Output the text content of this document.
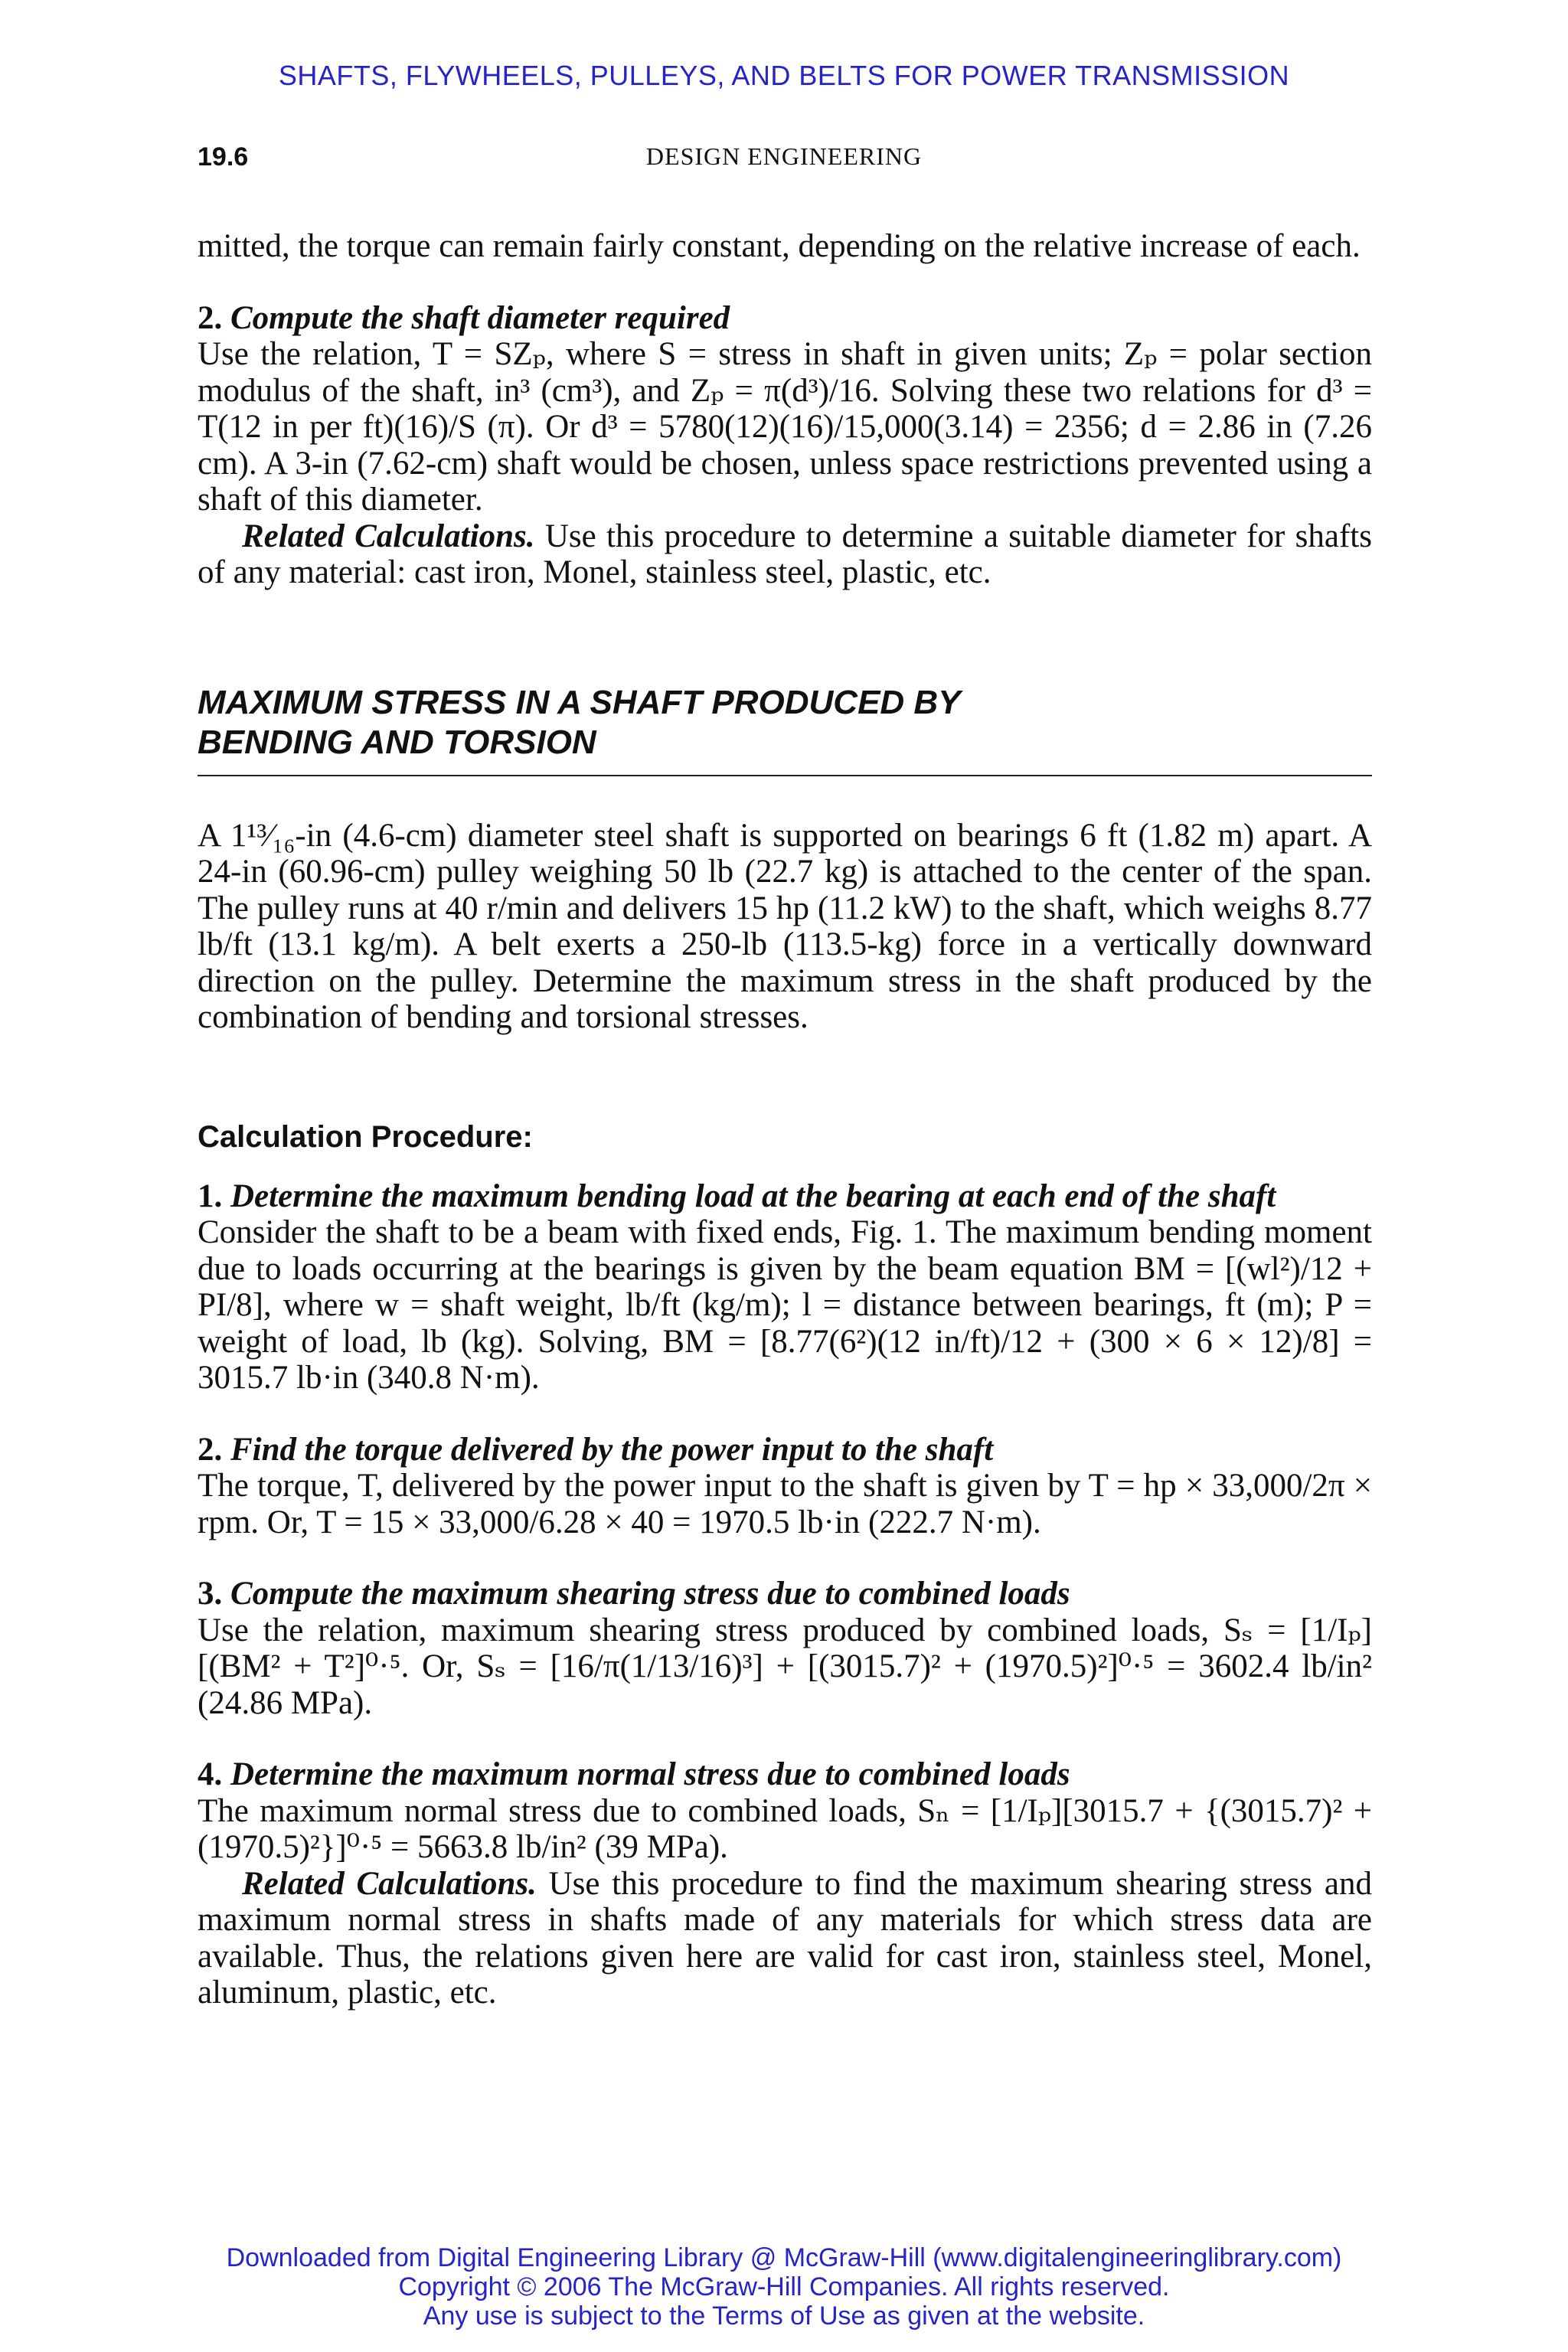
SHAFTS, FLYWHEELS, PULLEYS, AND BELTS FOR POWER TRANSMISSION
DESIGN ENGINEERING
19.6

mitted, the torque can remain fairly constant, depending on the relative increase of each.

2. Compute the shaft diameter required

Use the relation, T = SZₚ, where S = stress in shaft in given units; Zₚ = polar section modulus of the shaft, in³ (cm³), and Zₚ = π(d³)/16. Solving these two relations for d³ = T(12 in per ft)(16)/S (π). Or d³ = 5780(12)(16)/15,000(3.14) = 2356; d = 2.86 in (7.26 cm). A 3-in (7.62-cm) shaft would be chosen, unless space restrictions prevented using a shaft of this diameter.

Related Calculations. Use this procedure to determine a suitable diameter for shafts of any material: cast iron, Monel, stainless steel, plastic, etc.

MAXIMUM STRESS IN A SHAFT PRODUCED BY
BENDING AND TORSION

A 1¹³⁄₁₆-in (4.6-cm) diameter steel shaft is supported on bearings 6 ft (1.82 m) apart. A 24-in (60.96-cm) pulley weighing 50 lb (22.7 kg) is attached to the center of the span. The pulley runs at 40 r/min and delivers 15 hp (11.2 kW) to the shaft, which weighs 8.77 lb/ft (13.1 kg/m). A belt exerts a 250-lb (113.5-kg) force in a vertically downward direction on the pulley. Determine the maximum stress in the shaft produced by the combination of bending and torsional stresses.

Calculation Procedure:

1. Determine the maximum bending load at the bearing at each end of the shaft

Consider the shaft to be a beam with fixed ends, Fig. 1. The maximum bending moment due to loads occurring at the bearings is given by the beam equation BM = [(wl²)/12 + PI/8], where w = shaft weight, lb/ft (kg/m); l = distance between bearings, ft (m); P = weight of load, lb (kg). Solving, BM = [8.77(6²)(12 in/ft)/12 + (300 × 6 × 12)/8] = 3015.7 lb·in (340.8 N·m).

2. Find the torque delivered by the power input to the shaft

The torque, T, delivered by the power input to the shaft is given by T = hp × 33,000/2π × rpm. Or, T = 15 × 33,000/6.28 × 40 = 1970.5 lb·in (222.7 N·m).

3. Compute the maximum shearing stress due to combined loads

Use the relation, maximum shearing stress produced by combined loads, Sₛ = [1/Iₚ][(BM² + T²]⁰·⁵. Or, Sₛ = [16/π(1/13/16)³] + [(3015.7)² + (1970.5)²]⁰·⁵ = 3602.4 lb/in² (24.86 MPa).

4. Determine the maximum normal stress due to combined loads

The maximum normal stress due to combined loads, Sₙ = [1/Iₚ][3015.7 + {(3015.7)² + (1970.5)²}]⁰·⁵ = 5663.8 lb/in² (39 MPa).

Related Calculations. Use this procedure to find the maximum shearing stress and maximum normal stress in shafts made of any materials for which stress data are available. Thus, the relations given here are valid for cast iron, stainless steel, Monel, aluminum, plastic, etc.

Downloaded from Digital Engineering Library @ McGraw-Hill (www.digitalengineeringlibrary.com)
Copyright © 2006 The McGraw-Hill Companies. All rights reserved.
Any use is subject to the Terms of Use as given at the website.
